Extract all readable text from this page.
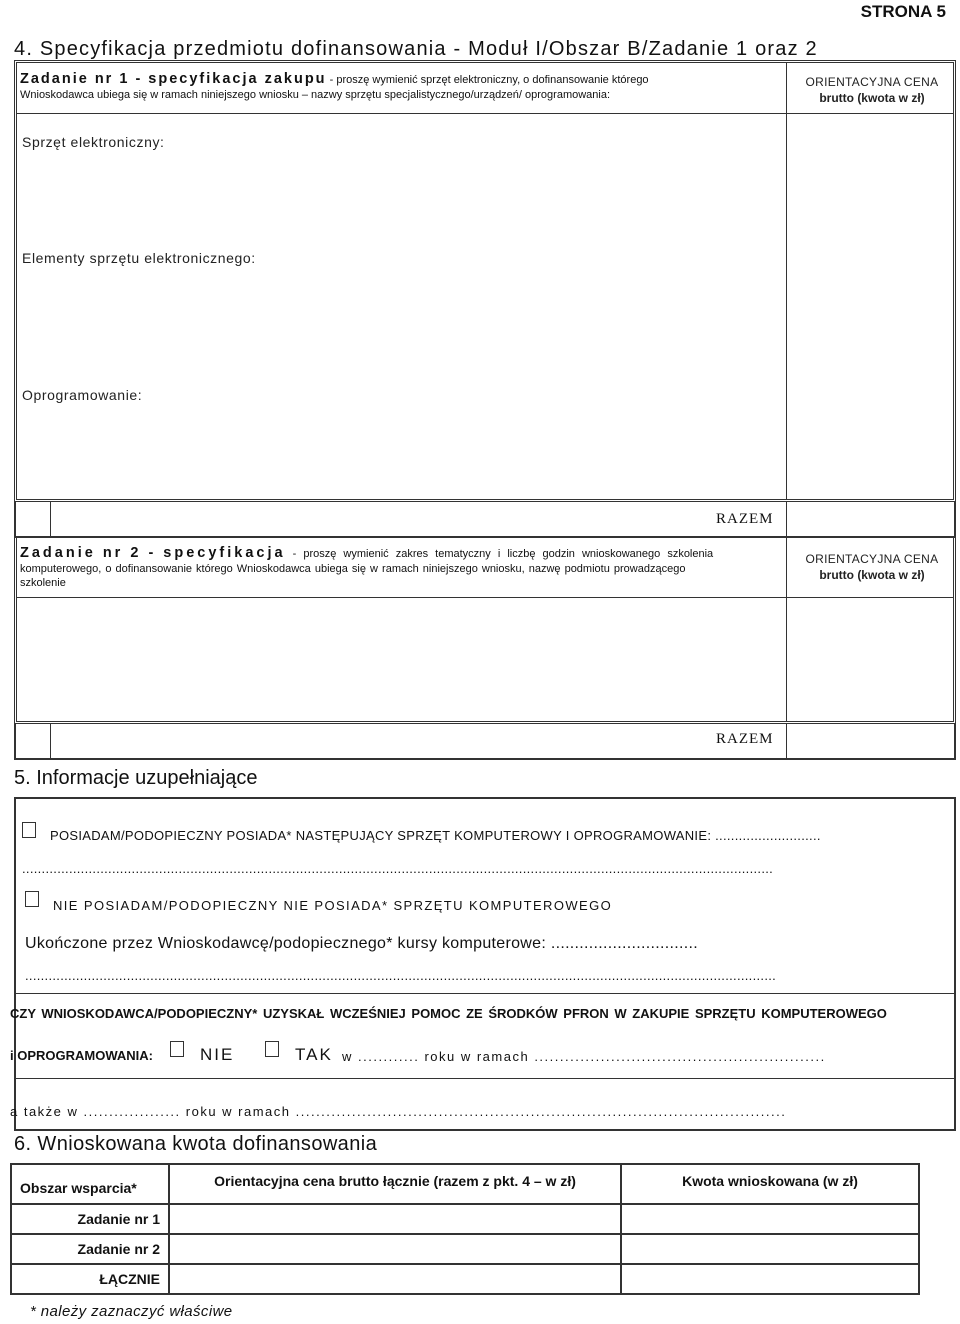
STRONA 5
4. Specyfikacja przedmiotu dofinansowania - Moduł I/Obszar B/Zadanie 1 oraz 2
Zadanie nr 1 - specyfikacja zakupu - proszę wymienić sprzęt elektroniczny, o dofinansowanie którego
Wnioskodawca ubiega się w ramach niniejszego wniosku – nazwy sprzętu specjalistycznego/urządzeń/ oprogramowania:
ORIENTACYJNA CENA
brutto (kwota w zł)
Sprzęt elektroniczny:
Elementy sprzętu elektronicznego:
Oprogramowanie:
RAZEM
Zadanie nr 2 - specyfikacja - proszę wymienić zakres tematyczny i liczbę godzin wnioskowanego szkolenia
komputerowego, o dofinansowanie którego Wnioskodawca ubiega się w ramach niniejszego wniosku, nazwę podmiotu prowadzącego
szkolenie
ORIENTACYJNA CENA
brutto (kwota w zł)
RAZEM
5. Informacje uzupełniające
POSIADAM/PODOPIECZNY POSIADA* NASTĘPUJĄCY SPRZĘT KOMPUTEROWY I OPROGRAMOWANIE: ...........................
................................................................................................................................................................................................
NIE POSIADAM/PODOPIECZNY NIE POSIADA* SPRZĘTU KOMPUTEROWEGO
Ukończone przez Wnioskodawcę/podopiecznego* kursy komputerowe: ...............................
................................................................................................................................................................................................
CZY WNIOSKODAWCA/PODOPIECZNY* UZYSKAŁ WCZEŚNIEJ POMOC ZE ŚRODKÓW PFRON W ZAKUPIE SPRZĘTU KOMPUTEROWEGO
i OPROGRAMOWANIA:	NIE	TAK w ............ roku w ramach .........................................................
a także w ................... roku w ramach ................................................................................................
6. Wnioskowana kwota dofinansowania
Obszar wsparcia*	Orientacyjna cena brutto łącznie (razem z pkt. 4 – w zł)	Kwota wnioskowana (w zł)
Zadanie nr 1		
Zadanie nr 2		
ŁĄCZNIE		
* należy zaznaczyć właściwe
